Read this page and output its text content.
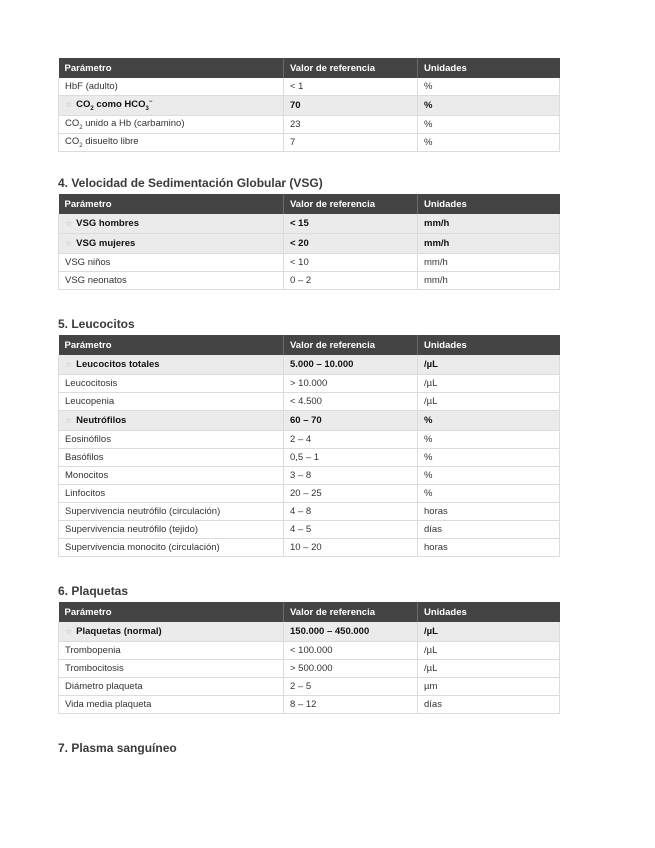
Parámetro	Valor de referencia	Unidades
HbF (adulto)	< 1	%
☆ $CO_2$ como $HCO_3^-$	70	%
$CO_2$ unido a Hb (carbamino)	23	%
$CO_2$ disuelto libre	7	%
4. Velocidad de Sedimentación Globular (VSG)
Parámetro	Valor de referencia	Unidades
☆ VSG hombres	< 15	mm/h
☆ VSG mujeres	< 20	mm/h
VSG niños	< 10	mm/h
VSG neonatos	0 – 2	mm/h
5. Leucocitos
Parámetro	Valor de referencia	Unidades
☆ Leucocitos totales	5.000 – 10.000	/µL
Leucocitosis	> 10.000	/µL
Leucopenia	< 4.500	/µL
☆ Neutrófilos	60 – 70	%
Eosinófilos	2 – 4	%
Basófilos	0,5 – 1	%
Monocitos	3 – 8	%
Linfocitos	20 – 25	%
Supervivencia neutrófilo (circulación)	4 – 8	horas
Supervivencia neutrófilo (tejido)	4 – 5	días
Supervivencia monocito (circulación)	10 – 20	horas
6. Plaquetas
Parámetro	Valor de referencia	Unidades
☆ Plaquetas (normal)	150.000 – 450.000	/µL
Trombopenia	< 100.000	/µL
Trombocitosis	> 500.000	/µL
Diámetro plaqueta	2 – 5	µm
Vida media plaqueta	8 – 12	días
7. Plasma sanguíneo
